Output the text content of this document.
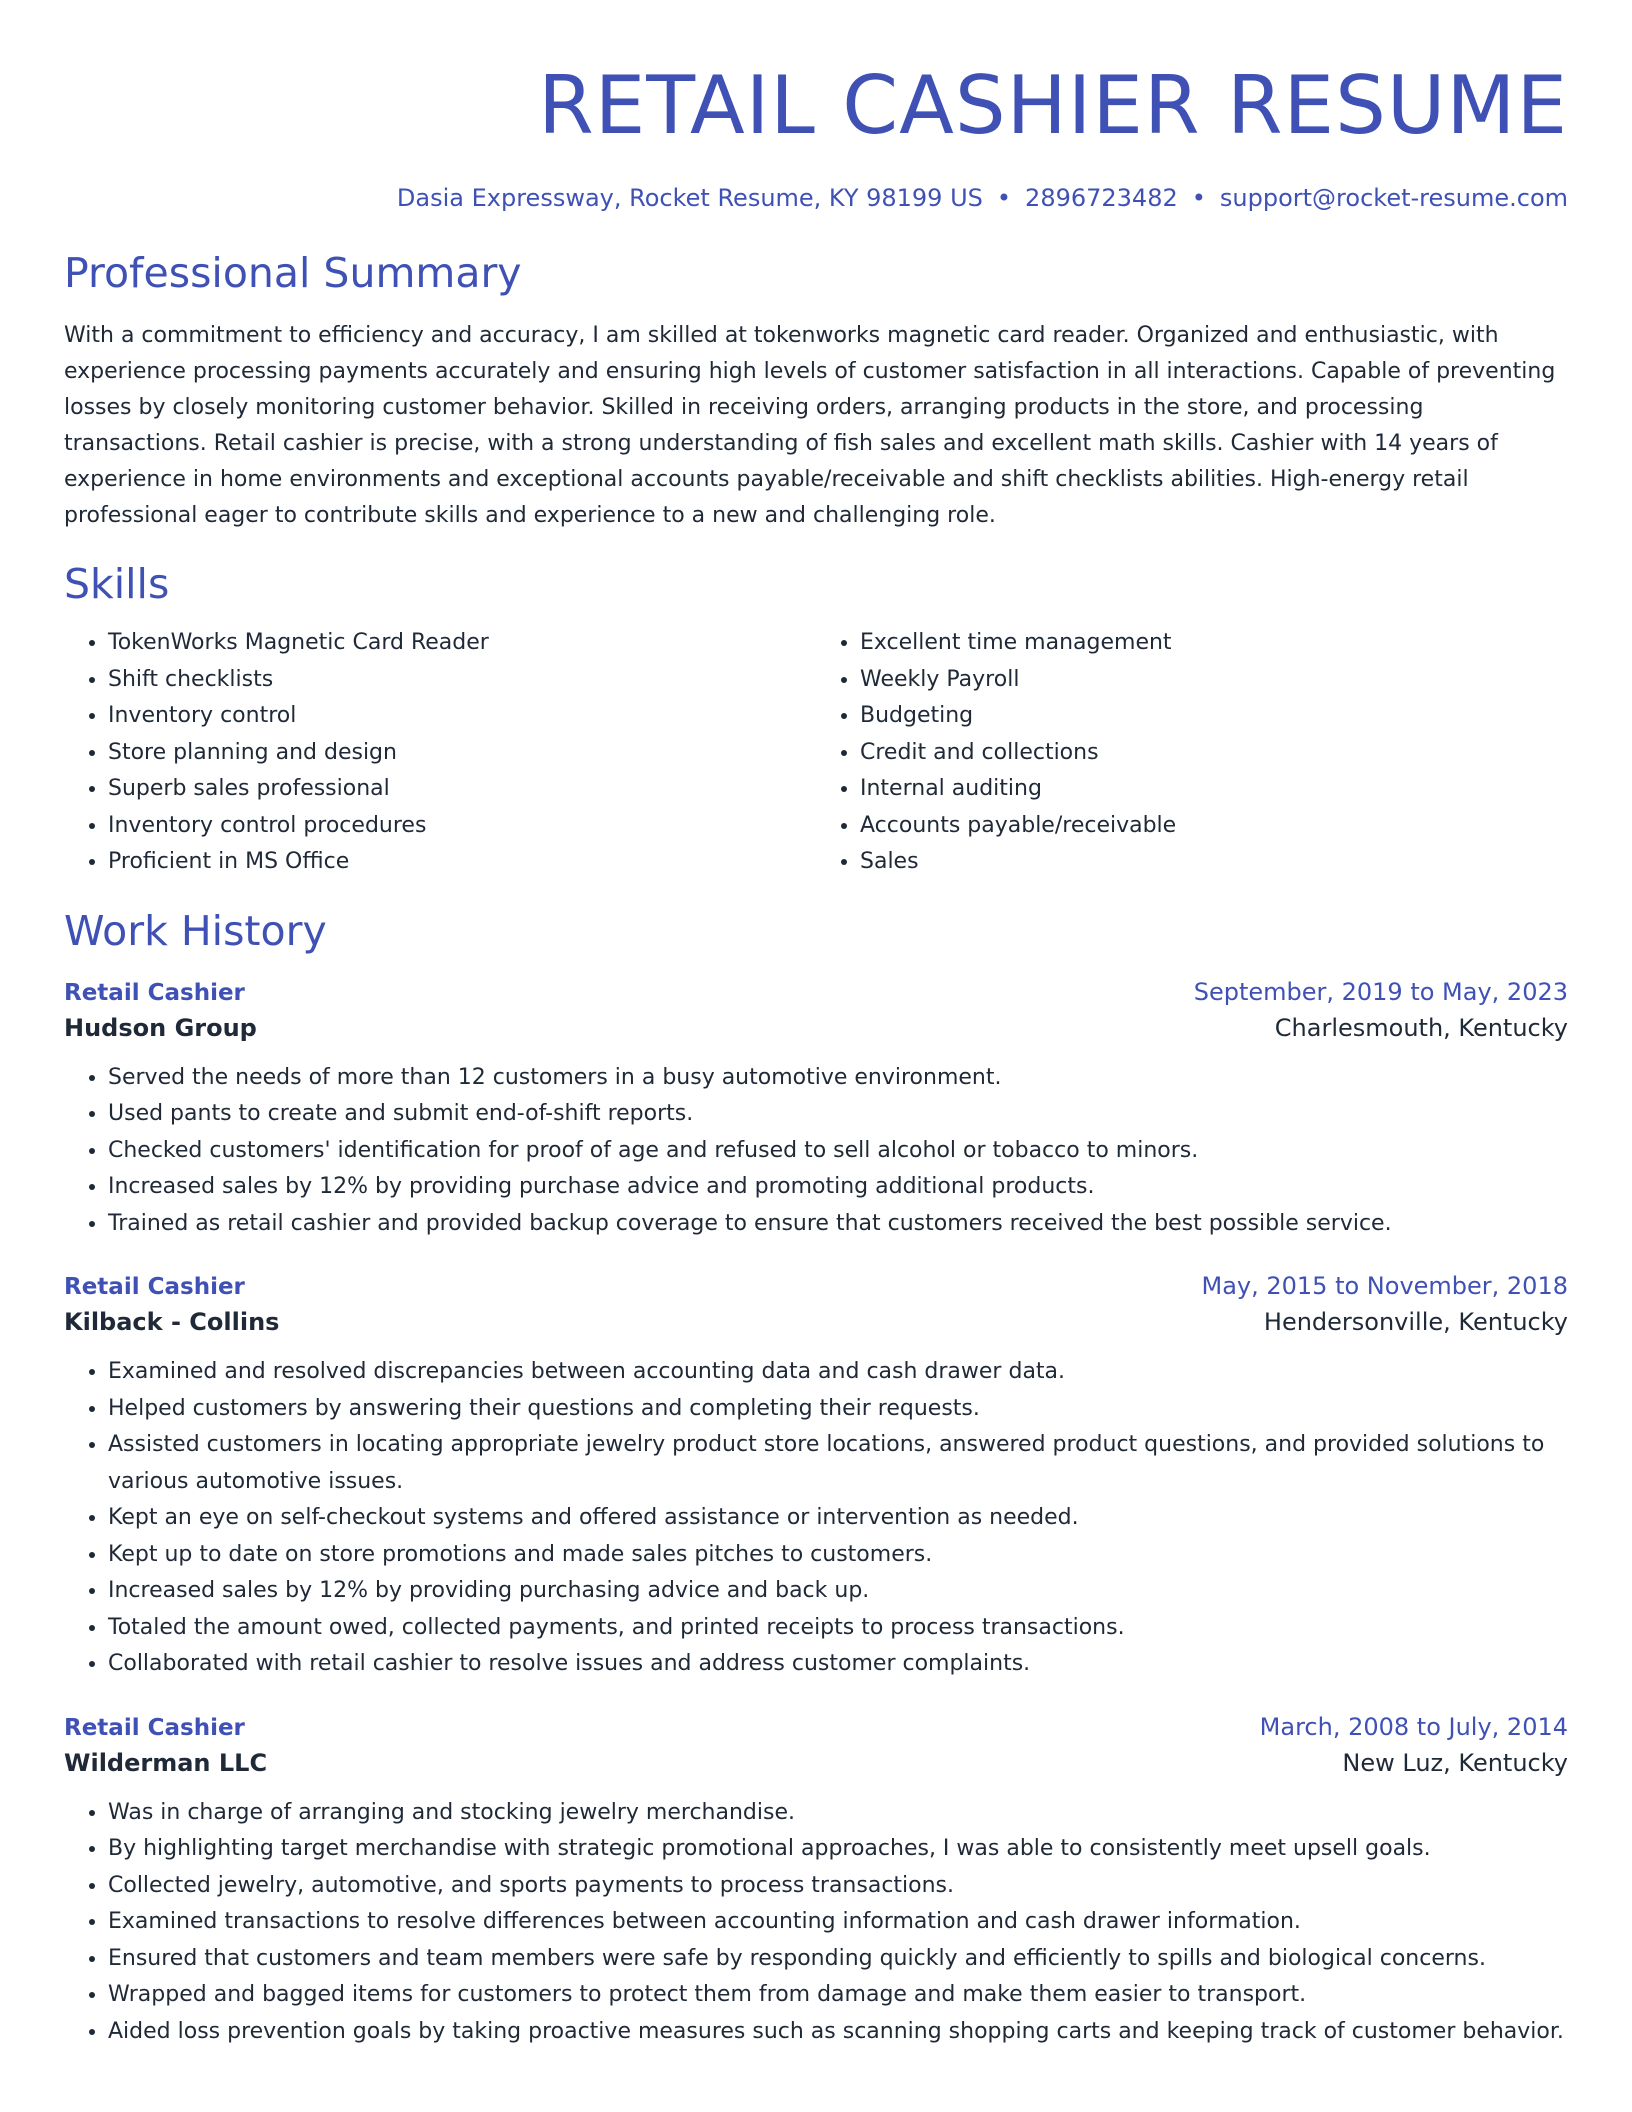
RETAIL CASHIER RESUME
Dasia Expressway, Rocket Resume, KY 98199 US • 2896723482 • support@rocket-resume.com
Professional Summary

With a commitment to efficiency and accuracy, I am skilled at tokenworks magnetic card reader. Organized and enthusiastic, with experience processing payments accurately and ensuring high levels of customer satisfaction in all interactions. Capable of preventing losses by closely monitoring customer behavior. Skilled in receiving orders, arranging products in the store, and processing transactions. Retail cashier is precise, with a strong understanding of fish sales and excellent math skills. Cashier with 14 years of experience in home environments and exceptional accounts payable/receivable and shift checklists abilities. High-energy retail professional eager to contribute skills and experience to a new and challenging role.

Skills
• TokenWorks Magnetic Card Reader
• Shift checklists
• Inventory control
• Store planning and design
• Superb sales professional
• Inventory control procedures
• Proficient in MS Office
• Excellent time management
• Weekly Payroll
• Budgeting
• Credit and collections
• Internal auditing
• Accounts payable/receivable
• Sales
Work History
Retail Cashier	September, 2019 to May, 2023
Hudson Group	Charlesmouth, Kentucky
• Served the needs of more than 12 customers in a busy automotive environment.
• Used pants to create and submit end-of-shift reports.
• Checked customers' identification for proof of age and refused to sell alcohol or tobacco to minors.
• Increased sales by 12% by providing purchase advice and promoting additional products.
• Trained as retail cashier and provided backup coverage to ensure that customers received the best possible service.
Retail Cashier	May, 2015 to November, 2018
Kilback - Collins	Hendersonville, Kentucky
• Examined and resolved discrepancies between accounting data and cash drawer data.
• Helped customers by answering their questions and completing their requests.
• Assisted customers in locating appropriate jewelry product store locations, answered product questions, and provided solutions to various automotive issues.
• Kept an eye on self-checkout systems and offered assistance or intervention as needed.
• Kept up to date on store promotions and made sales pitches to customers.
• Increased sales by 12% by providing purchasing advice and back up.
• Totaled the amount owed, collected payments, and printed receipts to process transactions.
• Collaborated with retail cashier to resolve issues and address customer complaints.
Retail Cashier	March, 2008 to July, 2014
Wilderman LLC	New Luz, Kentucky
• Was in charge of arranging and stocking jewelry merchandise.
• By highlighting target merchandise with strategic promotional approaches, I was able to consistently meet upsell goals.
• Collected jewelry, automotive, and sports payments to process transactions.
• Examined transactions to resolve differences between accounting information and cash drawer information.
• Ensured that customers and team members were safe by responding quickly and efficiently to spills and biological concerns.
• Wrapped and bagged items for customers to protect them from damage and make them easier to transport.
• Aided loss prevention goals by taking proactive measures such as scanning shopping carts and keeping track of customer behavior.
